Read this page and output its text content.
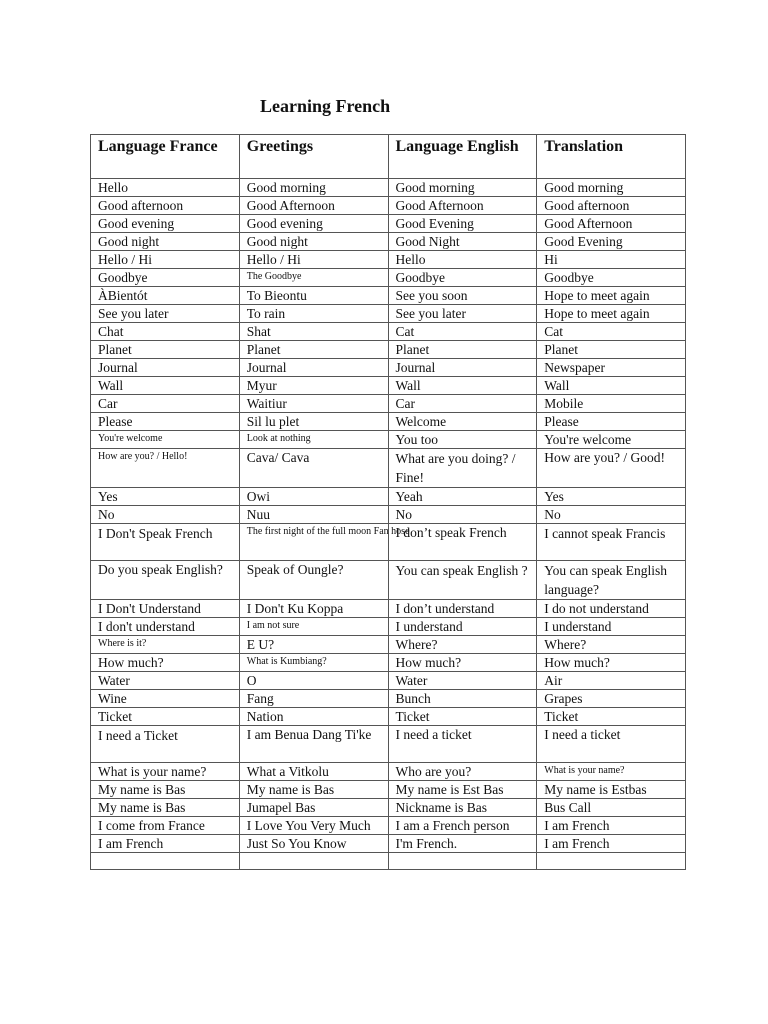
Learning French
Language France	Greetings	Language English	Translation
Hello	Good morning	Good morning	Good morning
Good afternoon	Good Afternoon	Good Afternoon	Good afternoon
Good evening	Good evening	Good Evening	Good Afternoon
Good night	Good night	Good Night	Good Evening
Hello / Hi	Hello / Hi	Hello	Hi
Goodbye	The Goodbye	Goodbye	Goodbye
ÀBientót	To Bieontu	See you soon	Hope to meet again
See you later	To rain	See you later	Hope to meet again
Chat	Shat	Cat	Cat
Planet	Planet	Planet	Planet
Journal	Journal	Journal	Newspaper
Wall	Myur	Wall	Wall
Car	Waitiur	Car	Mobile
Please	Sil lu plet	Welcome	Please
You're welcome	Look at nothing	You too	You're welcome
How are you? / Hello!	Cava/ Cava	What are you doing? / Fine!	How are you? / Good!
Yes	Owi	Yeah	Yes
No	Nuu	No	No
I Don't Speak French	The first night of the full moon Fan hose	I don’t speak French	I cannot speak Francis
Do you speak English?	Speak of Oungle?	You can speak English ?	You can speak English language?
I Don't Understand	I Don't Ku Koppa	I don’t understand	I do not understand
I don't understand	I am not sure	I understand	I understand
Where is it?	E U?	Where?	Where?
How much?	What is Kumbiang?	How much?	How much?
Water	O	Water	Air
Wine	Fang	Bunch	Grapes
Ticket	Nation	Ticket	Ticket
I need a Ticket	I am Benua Dang Ti'ke	I need a ticket	I need a ticket
What is your name?	What a Vitkolu	Who are you?	What is your name?
My name is Bas	My name is Bas	My name is Est Bas	My name is Estbas
My name is Bas	Jumapel Bas	Nickname is Bas	Bus Call
I come from France	I Love You Very Much	I am a French person	I am French
I am French	Just So You Know	I'm French.	I am French
